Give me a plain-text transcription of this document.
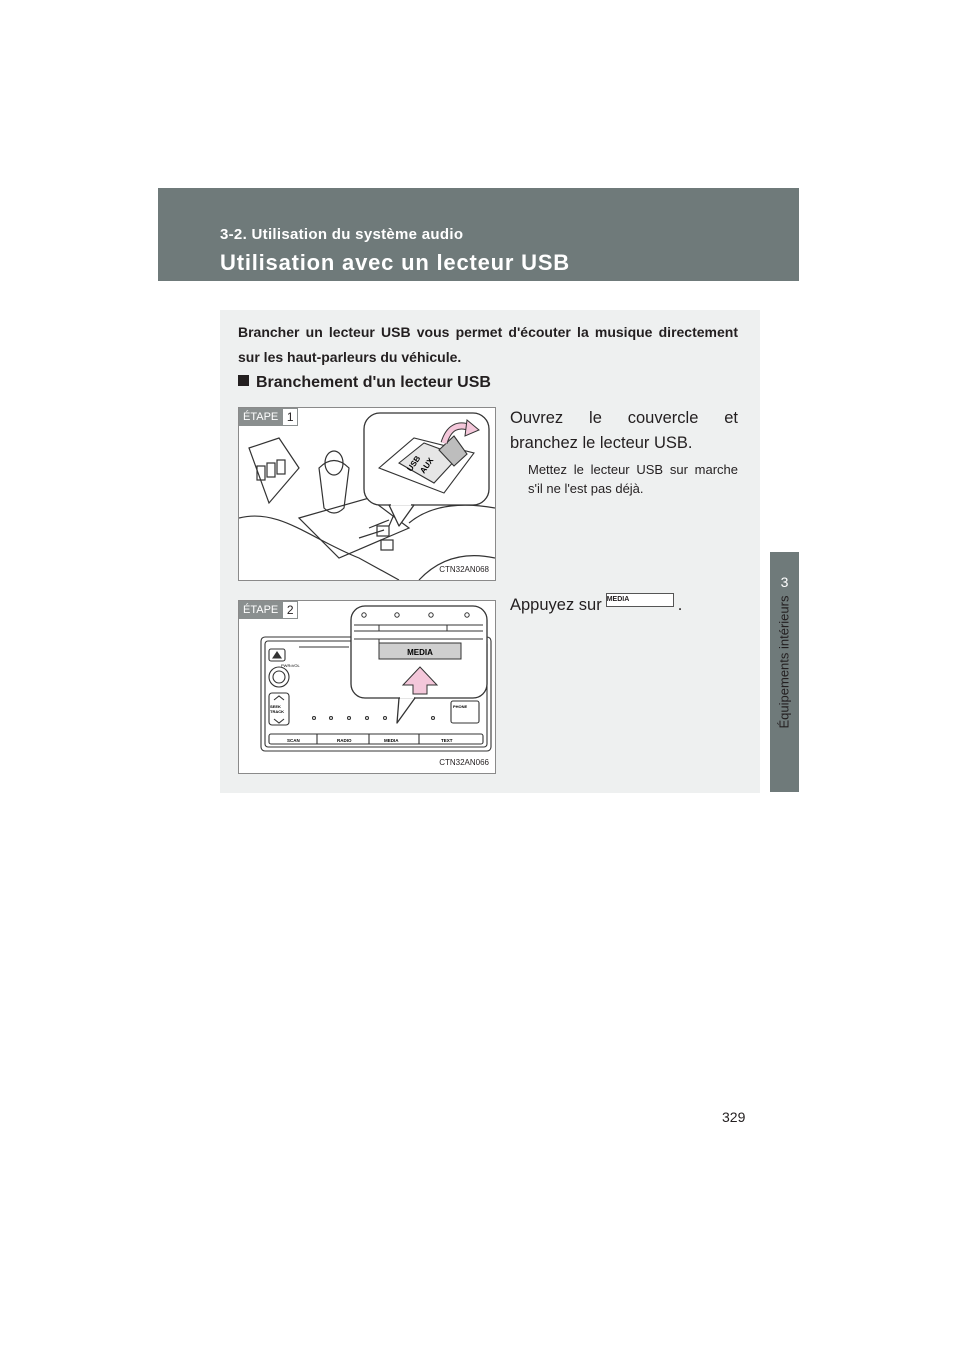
3-2. Utilisation du système audio
Utilisation avec un lecteur USB
3
Équipements intérieurs
Brancher un lecteur USB vous permet d'écouter la musique directement sur les haut-parleurs du véhicule.
Branchement d'un lecteur USB
USB
AUX
ÉTAPE 1
CTN32AN068
Ouvrez le couvercle et branchez le lecteur USB.
Mettez le lecteur USB sur marche s'il ne l'est pas déjà.
PWR•VOL
SEEK
TRACK
PHONE
SCAN	RADIO	MEDIA	TEXT
MEDIA
ÉTAPE 2
CTN32AN066
Appuyez sur MEDIA	.
329
